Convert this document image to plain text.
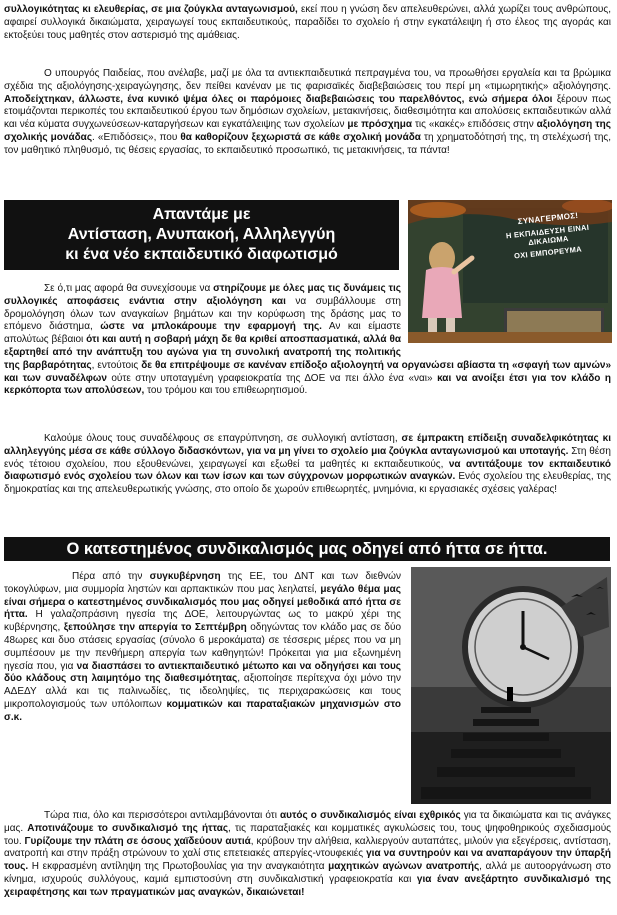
συλλογικότητας κι ελευθερίας, σε μια ζούγκλα ανταγωνισμού, εκεί που η γνώση δεν απελευθερώνει, αλλά χωρίζει τους ανθρώπους, αφαιρεί συλλογικά δικαιώματα, χειραγωγεί τους εκπαιδευτικούς, παραδίδει το σχολείο ή στην εγκατάλειψη ή στο έλεος της αγοράς και εκτοξεύει τους μαθητές στον αστερισμό της αμάθειας.

Ο υπουργός Παιδείας, που ανέλαβε, μαζί με όλα τα αντιεκπαιδευτικά πεπραγμένα του, να προωθήσει εργαλεία και τα βρώμικα σχέδια της αξιολόγησης-χειραγώγησης, δεν πείθει κανέναν με τις φαρισαϊκές διαβεβαιώσεις του περί μη «τιμωρητικής» αξιολόγησης. Αποδείχτηκαν, άλλωστε, ένα κυνικό ψέμα όλες οι παρόμοιες διαβεβαιώσεις του παρελθόντος, ενώ σήμερα όλοι ξέρουν πως ετοιμάζονται περικοπές του εκπαιδευτικού έργου των δημόσιων σχολείων, μετακινήσεις, διαθεσιμότητα και απολύσεις εκπαιδευτικών αλλά και νέα κύματα συγχωνεύσεων-καταργήσεων και εγκατάλειψης των σχολείων με πρόσχημα τις «κακές» επιδόσεις στην αξιολόγηση της σχολικής μονάδας. «Επιδόσεις», που θα καθορίζουν ξεχωριστά σε κάθε σχολική μονάδα τη χρηματοδότησή της, τη στελέχωσή της, τον μαθητικό πληθυσμό, τις θέσεις εργασίας, το εκπαιδευτικό προσωπικό, τις μετακινήσεις, τα πάντα!

Απαντάμε με
Αντίσταση, Ανυπακοή, Αλληλεγγύη
κι ένα νέο εκπαιδευτικό διαφωτισμό
ΣΥΝΑΓΕΡΜΟΣ!
Η ΕΚΠΑΙΔΕΥΣΗ ΕΙΝΑΙ ΔΙΚΑΙΩΜΑ
ΟΧΙ ΕΜΠΟΡΕΥΜΑ

Σε ό,τι μας αφορά θα συνεχίσουμε να στηρίζουμε με όλες μας τις δυνάμεις τις συλλογικές αποφάσεις ενάντια στην αξιολόγηση και να συμβάλλουμε στη δρομολόγηση όλων των αναγκαίων βημάτων και την κορύφωση της δράσης μας το επόμενο διάστημα, ώστε να μπλοκάρουμε την εφαρμογή της. Αν και είμαστε απολύτως βέβαιοι ότι και αυτή η σοβαρή μάχη δε θα κριθεί αποσπασματικά, αλλά θα εξαρτηθεί από την ανάπτυξη του αγώνα για τη συνολική ανατροπή της πολιτικής της βαρβαρότητας, εντούτοις δε θα επιτρέψουμε σε κανέναν επίδοξο αξιολογητή να οργανώσει αβίαστα τη «σφαγή των αμνών» και των συναδέλφων ούτε στην υποταγμένη γραφειοκρατία της ΔΟΕ να πει άλλο ένα «ναι» και να ανοίξει έτσι για τον κλάδο η κερκόπορτα των απολύσεων, του τρόμου και του επιθεωρητισμού.

Καλούμε όλους τους συναδέλφους σε επαγρύπνηση, σε συλλογική αντίσταση, σε έμπρακτη επίδειξη συναδελφικότητας κι αλληλεγγύης μέσα σε κάθε σύλλογο διδασκόντων, για να μη γίνει το σχολείο μια ζούγκλα ανταγωνισμού και υποταγής. Στη θέση ενός τέτοιου σχολείου, που εξουθενώνει, χειραγωγεί και εξωθεί τα μαθητές κι εκπαιδευτικούς, να αντιτάξουμε τον εκπαιδευτικό διαφωτισμό ενός σχολείου των όλων και των ίσων και των σύγχρονων μορφωτικών αναγκών. Ενός σχολείου της ελευθερίας, της δημοκρατίας και της απελευθερωτικής γνώσης, στο οποίο δε χωρούν επιθεωρητές, μνημόνια, κι εργασιακές σχέσεις γαλέρας!

Ο κατεστημένος συνδικαλισμός μας οδηγεί από ήττα σε ήττα.

Πέρα από την συγκυβέρνηση της ΕΕ, του ΔΝΤ και των διεθνών τοκογλύφων, μια συμμορία ληστών και αρπακτικών που μας λεηλατεί, μεγάλο θέμα μας είναι σήμερα ο κατεστημένος συνδικαλισμός που μας οδηγεί μεθοδικά από ήττα σε ήττα. Η γαλαζοπράσινη ηγεσία της ΔΟΕ, λειτουργώντας ως το μακρύ χέρι της κυβέρνησης, ξεπούλησε την απεργία το Σεπτέμβρη οδηγώντας τον κλάδο μας σε δύο 48ωρες και δυο στάσεις εργασίας (σύνολο 6 μεροκάματα) σε τέσσερις μέρες που να μη συμπέσουν με την πενθήμερη απεργία των καθηγητών! Πρόκειται για μια εξωνημένη ηγεσία που, για να διασπάσει το αντιεκπαιδευτικό μέτωπο και να οδηγήσει και τους δύο κλάδους στη λαιμητόμο της διαθεσιμότητας, αξιοποίησε περίτεχνα όχι μόνο την ΑΔΕΔΥ αλλά και τις παλινωδίες, τις ιδεοληψίες, τις περιχαρακώσεις και τους μικροπολογισμούς των υπόλοιπων κομματικών και παραταξιακών μηχανισμών στο σ.κ.

Τώρα πια, όλο και περισσότεροι αντιλαμβάνονται ότι αυτός ο συνδικαλισμός είναι εχθρικός για τα δικαιώματα και τις ανάγκες μας. Αποτινάζουμε το συνδικαλισμό της ήττας, τις παραταξιακές και κομματικές αγκυλώσεις του, τους ψηφοθηρικούς σχεδιασμούς του. Γυρίζουμε την πλάτη σε όσους χαϊδεύουν αυτιά, κρύβουν την αλήθεια, καλλιεργούν αυταπάτες, μιλούν για εξεγέρσεις, αντίσταση, ανατροπή και στην πράξη στρώνουν το χαλί στις επετειακές απεργίες-ντουφεκιές για να συντηρούν και να αναπαράγουν την ύπαρξή τους. Η εκφρασμένη αντίληψη της Πρωτοβουλίας για την αναγκαιότητα μαχητικών αγώνων ανατροπής, αλλά με αυτοοργάνωση στο κίνημα, ισχυρούς συλλόγους, καμιά εμπιστοσύνη στη συνδικαλιστική γραφειοκρατία και για έναν ανεξάρτητο συνδικαλισμό της χειραφέτησης και των πραγματικών μας αναγκών, δικαιώνεται!
